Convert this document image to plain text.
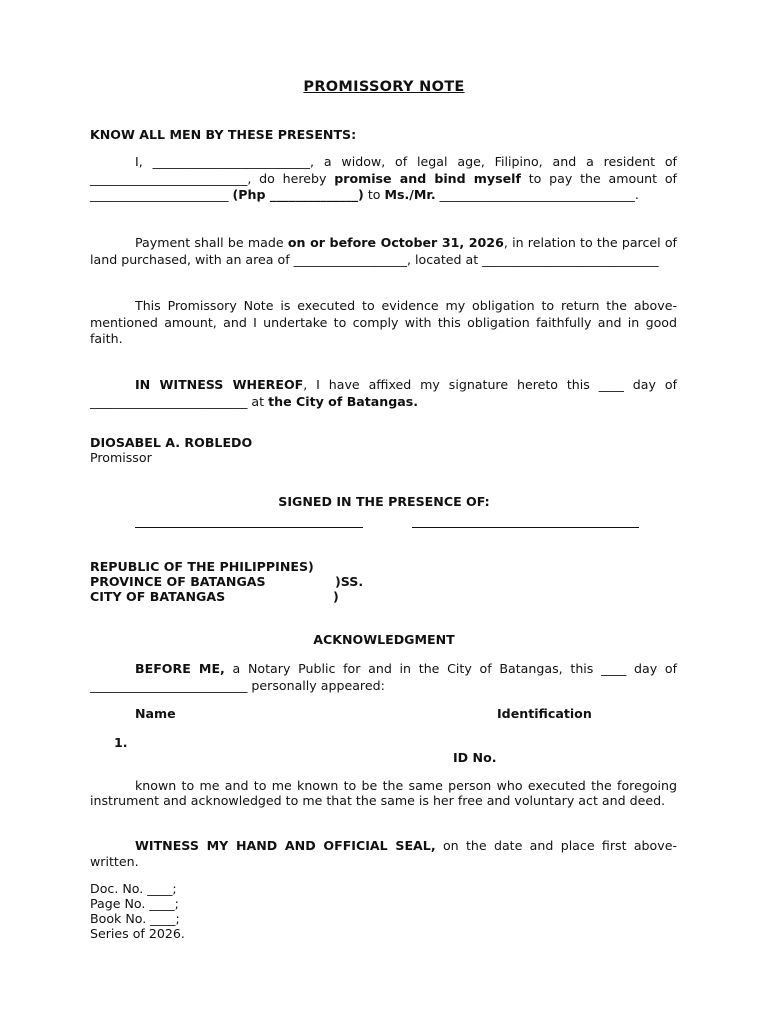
PROMISSORY NOTE
KNOW ALL MEN BY THESE PRESENTS:

I, _________________________, a widow, of legal age, Filipino, and a resident of _________________________, do hereby promise and bind myself to pay the amount of ______________________ (Php ______________) to Ms./Mr. _______________________________.

Payment shall be made on or before October 31, 2026, in relation to the parcel of land purchased, with an area of __________________, located at ____________________________

This Promissory Note is executed to evidence my obligation to return the above-mentioned amount, and I undertake to comply with this obligation faithfully and in good faith.

IN WITNESS WHEREOF, I have affixed my signature hereto this ____ day of _________________________ at the City of Batangas.

DIOSABEL A. ROBLEDO
Promissor
SIGNED IN THE PRESENCE OF:
REPUBLIC OF THE PHILIPPINES)
PROVINCE OF BATANGAS	)SS.
CITY OF BATANGAS	)
ACKNOWLEDGMENT

BEFORE ME, a Notary Public for and in the City of Batangas, this ____ day of _________________________ personally appeared:

Name	Identification
1.
ID No.

known to me and to me known to be the same person who executed the foregoing instrument and acknowledged to me that the same is her free and voluntary act and deed.

WITNESS MY HAND AND OFFICIAL SEAL, on the date and place first above-written.

Doc. No. ____;
Page No. ____;
Book No. ____;
Series of 2026.
